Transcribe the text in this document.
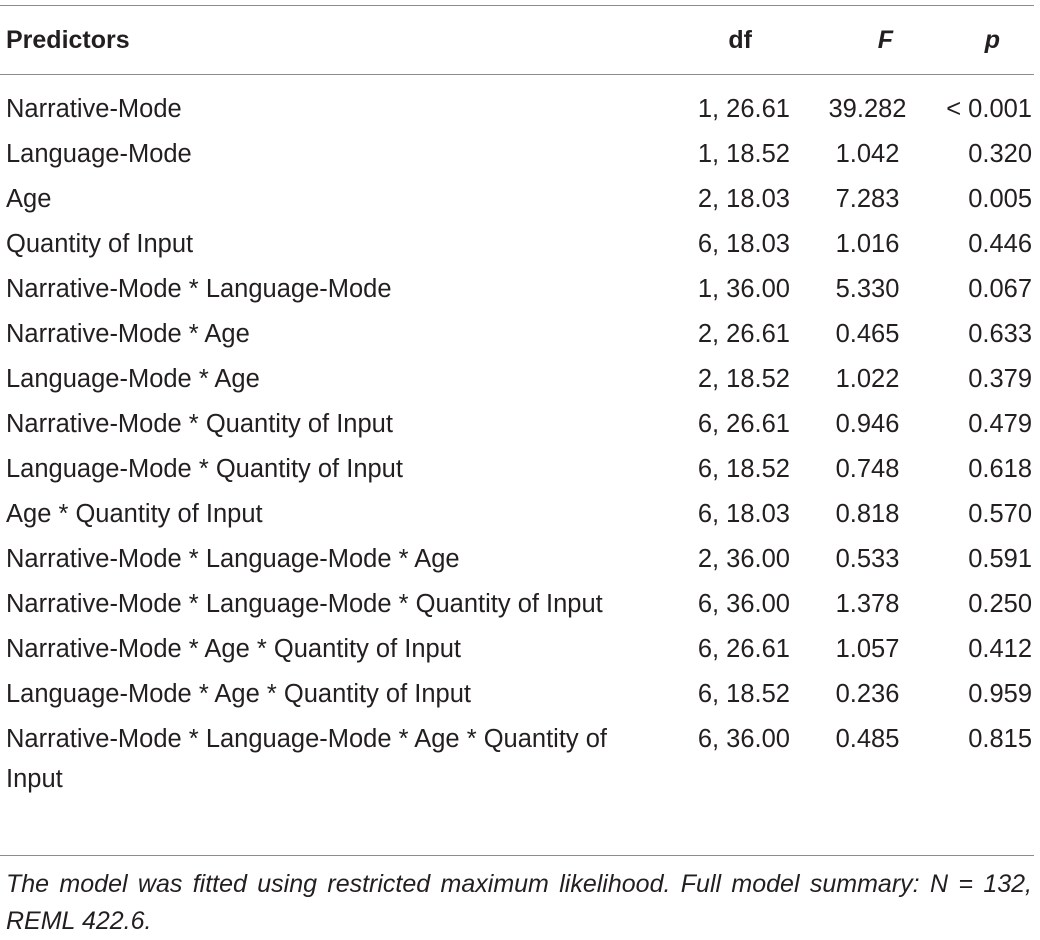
Predictors	df	F	p
Narrative-Mode	1, 26.61	39.282	< 0.001
Language-Mode	1, 18.52	1.042	0.320
Age	2, 18.03	7.283	0.005
Quantity of Input	6, 18.03	1.016	0.446
Narrative-Mode * Language-Mode	1, 36.00	5.330	0.067
Narrative-Mode * Age	2, 26.61	0.465	0.633
Language-Mode * Age	2, 18.52	1.022	0.379
Narrative-Mode * Quantity of Input	6, 26.61	0.946	0.479
Language-Mode * Quantity of Input	6, 18.52	0.748	0.618
Age * Quantity of Input	6, 18.03	0.818	0.570
Narrative-Mode * Language-Mode * Age	2, 36.00	0.533	0.591
Narrative-Mode * Language-Mode * Quantity of Input	6, 36.00	1.378	0.250
Narrative-Mode * Age * Quantity of Input	6, 26.61	1.057	0.412
Language-Mode * Age * Quantity of Input	6, 18.52	0.236	0.959
Narrative-Mode * Language-Mode * Age * Quantity of Input	6, 36.00	0.485	0.815
The model was fitted using restricted maximum likelihood. Full model summary: N = 132, REML 422.6.
